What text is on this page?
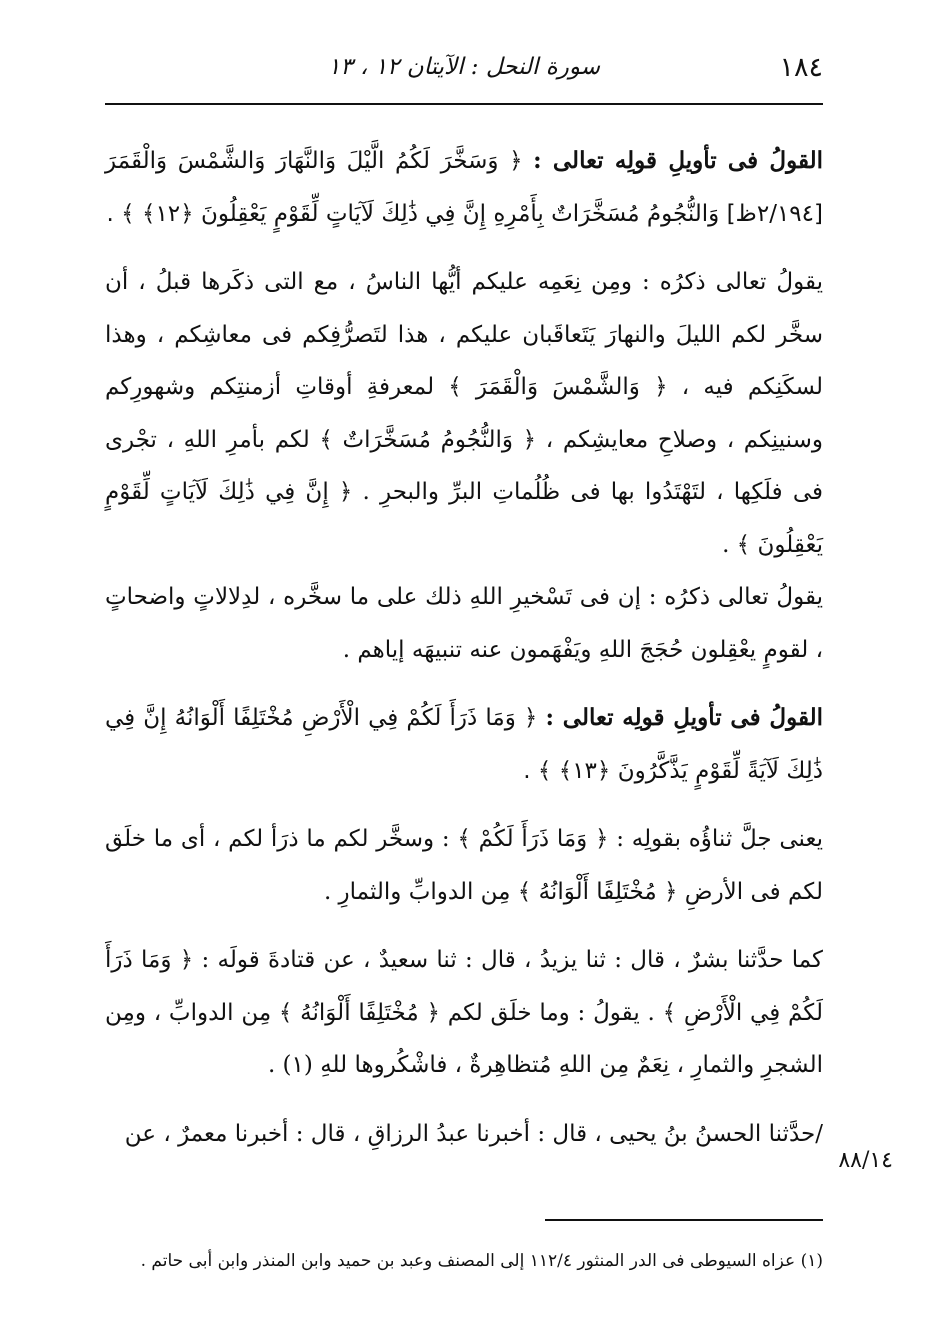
١٨٤
سورة النحل : الآيتان ١٢ ، ١٣

القولُ فى تأويلِ قولِه تعالى : ﴿ وَسَخَّرَ لَكُمُ الَّيْلَ وَالنَّهَارَ وَالشَّمْسَ وَالْقَمَرَ [٢/١٩٤ظ] وَالنُّجُومُ مُسَخَّرَاتٌ بِأَمْرِهِ إِنَّ فِي ذَٰلِكَ لَآيَاتٍ لِّقَوْمٍ يَعْقِلُونَ ﴿١٢﴾ ﴾ .

يقولُ تعالى ذكرُه : ومِن نِعَمِه عليكم أيُّها الناسُ ، مع التى ذكَرها قبلُ ، أن سخَّر لكم الليلَ والنهارَ يَتَعاقَبان عليكم ، هذا لتَصرُّفِكم فى معاشِكم ، وهذا لسكَنِكم فيه ، ﴿ وَالشَّمْسَ وَالْقَمَرَ ﴾ لمعرفةِ أوقاتِ أزمنتِكم وشهورِكم وسنينِكم ، وصلاحِ معايشِكم ، ﴿ وَالنُّجُومُ مُسَخَّرَاتٌ ﴾ لكم بأمرِ اللهِ ، تجْرى فى فلَكِها ، لتَهْتَدُوا بها فى ظُلُماتِ البرِّ والبحرِ . ﴿ إِنَّ فِي ذَٰلِكَ لَآيَاتٍ لِّقَوْمٍ يَعْقِلُونَ ﴾ .

يقولُ تعالى ذكرُه : إن فى تَسْخيرِ اللهِ ذلك على ما سخَّره ، لدِلالاتٍ واضحاتٍ ، لقومٍ يعْقِلون حُجَجَ اللهِ ويَفْهَمون عنه تنبيهَه إياهم .

القولُ فى تأويلِ قولِه تعالى : ﴿ وَمَا ذَرَأَ لَكُمْ فِي الْأَرْضِ مُخْتَلِفًا أَلْوَانُهُ إِنَّ فِي ذَٰلِكَ لَآيَةً لِّقَوْمٍ يَذَّكَّرُونَ ﴿١٣﴾ ﴾ .

يعنى جلَّ ثناؤُه بقولِه : ﴿ وَمَا ذَرَأَ لَكُمْ ﴾ : وسخَّر لكم ما ذرَأ لكم ، أى ما خلَق لكم فى الأرضِ ﴿ مُخْتَلِفًا أَلْوَانُهُ ﴾ مِن الدوابِّ والثمارِ .

كما حدَّثنا بشرٌ ، قال : ثنا يزيدُ ، قال : ثنا سعيدٌ ، عن قتادةَ قولَه : ﴿ وَمَا ذَرَأَ لَكُمْ فِي الْأَرْضِ ﴾ . يقولُ : وما خلَق لكم ﴿ مُخْتَلِفًا أَلْوَانُهُ ﴾ مِن الدوابِّ ، ومِن الشجرِ والثمارِ ، نِعَمٌ مِن اللهِ مُتظاهِرةٌ ، فاشْكُروها للهِ (١) .

/حدَّثنا الحسنُ بنُ يحيى ، قال : أخبرنا عبدُ الرزاقِ ، قال : أخبرنا معمرٌ ، عن

٨٨/١٤
(١) عزاه السيوطى فى الدر المنثور ١١٢/٤ إلى المصنف وعبد بن حميد وابن المنذر وابن أبى حاتم .
